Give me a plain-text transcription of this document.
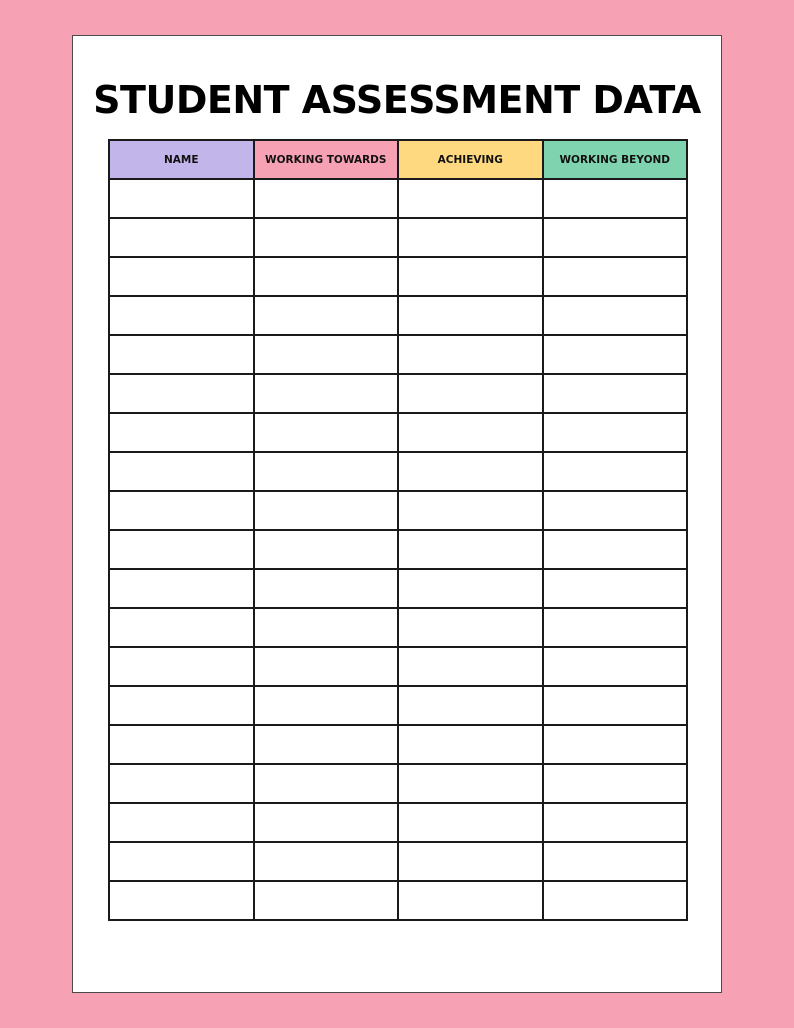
STUDENT ASSESSMENT DATA
NAME	WORKING TOWARDS	ACHIEVING	WORKING BEYOND
